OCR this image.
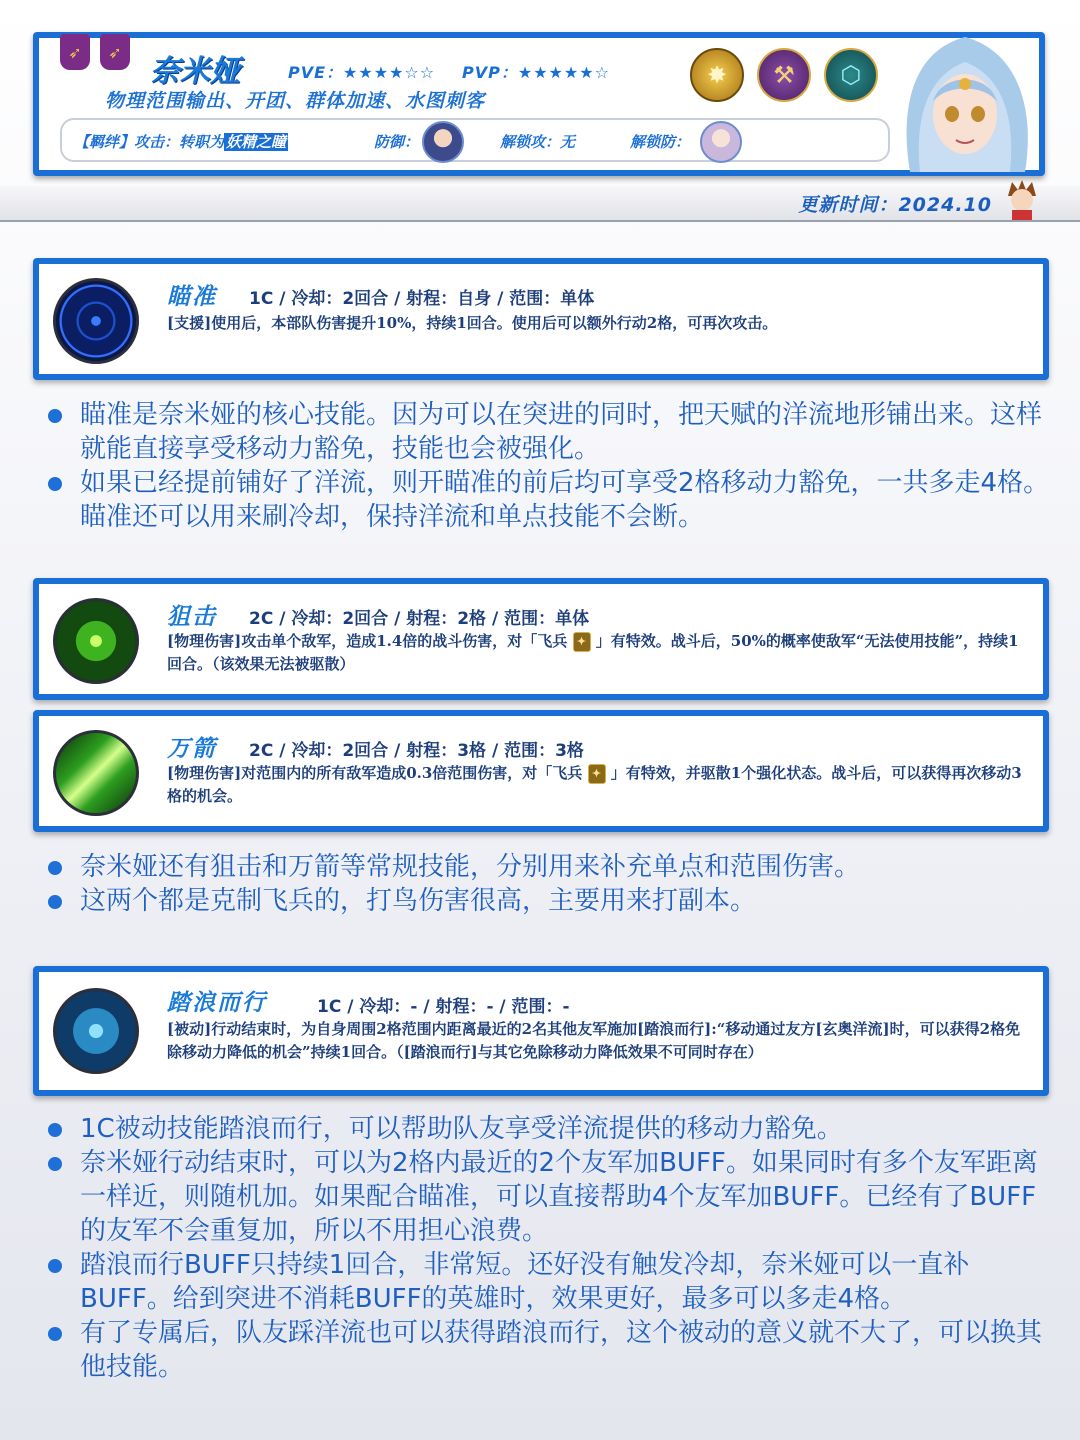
➶	➶
奈米娅	PVE：★★★★☆☆ PVP：★★★★★☆
物理范围输出、开团、群体加速、水图刺客
✸	⚒	⬡
【羁绊】攻击：转职为 妖精之瞳	防御：	解锁攻：无	解锁防：
更新时间：2024.10
瞄准 1C / 冷却：2回合 / 射程：自身 / 范围：单体
[支援]使用后，本部队伤害提升10%，持续1回合。使用后可以额外行动2格，可再次攻击。
瞄准是奈米娅的核心技能。因为可以在突进的同时，把天赋的洋流地形铺出来。这样就能直接享受移动力豁免，技能也会被强化。
如果已经提前铺好了洋流，则开瞄准的前后均可享受2格移动力豁免，一共多走4格。瞄准还可以用来刷冷却，保持洋流和单点技能不会断。
狙击 2C / 冷却：2回合 / 射程：2格 / 范围：单体
[物理伤害]攻击单个敌军，造成1.4倍的战斗伤害，对「飞兵 ✦ 」有特效。战斗后，50%的概率使敌军“无法使用技能”，持续1回合。（该效果无法被驱散）
万箭 2C / 冷却：2回合 / 射程：3格 / 范围：3格
[物理伤害]对范围内的所有敌军造成0.3倍范围伤害，对「飞兵 ✦ 」有特效，并驱散1个强化状态。战斗后，可以获得再次移动3格的机会。
奈米娅还有狙击和万箭等常规技能，分别用来补充单点和范围伤害。
这两个都是克制飞兵的，打鸟伤害很高，主要用来打副本。
踏浪而行	1C / 冷却：- / 射程：- / 范围：-
[被动]行动结束时，为自身周围2格范围内距离最近的2名其他友军施加[踏浪而行]:“移动通过友方[玄奥洋流]时，可以获得2格免除移动力降低的机会”持续1回合。（[踏浪而行]与其它免除移动力降低效果不可同时存在）
1C被动技能踏浪而行，可以帮助队友享受洋流提供的移动力豁免。
奈米娅行动结束时，可以为2格内最近的2个友军加BUFF。如果同时有多个友军距离一样近，则随机加。如果配合瞄准，可以直接帮助4个友军加BUFF。已经有了BUFF的友军不会重复加，所以不用担心浪费。
踏浪而行BUFF只持续1回合，非常短。还好没有触发冷却，奈米娅可以一直补BUFF。给到突进不消耗BUFF的英雄时，效果更好，最多可以多走4格。
有了专属后，队友踩洋流也可以获得踏浪而行，这个被动的意义就不大了，可以换其他技能。
